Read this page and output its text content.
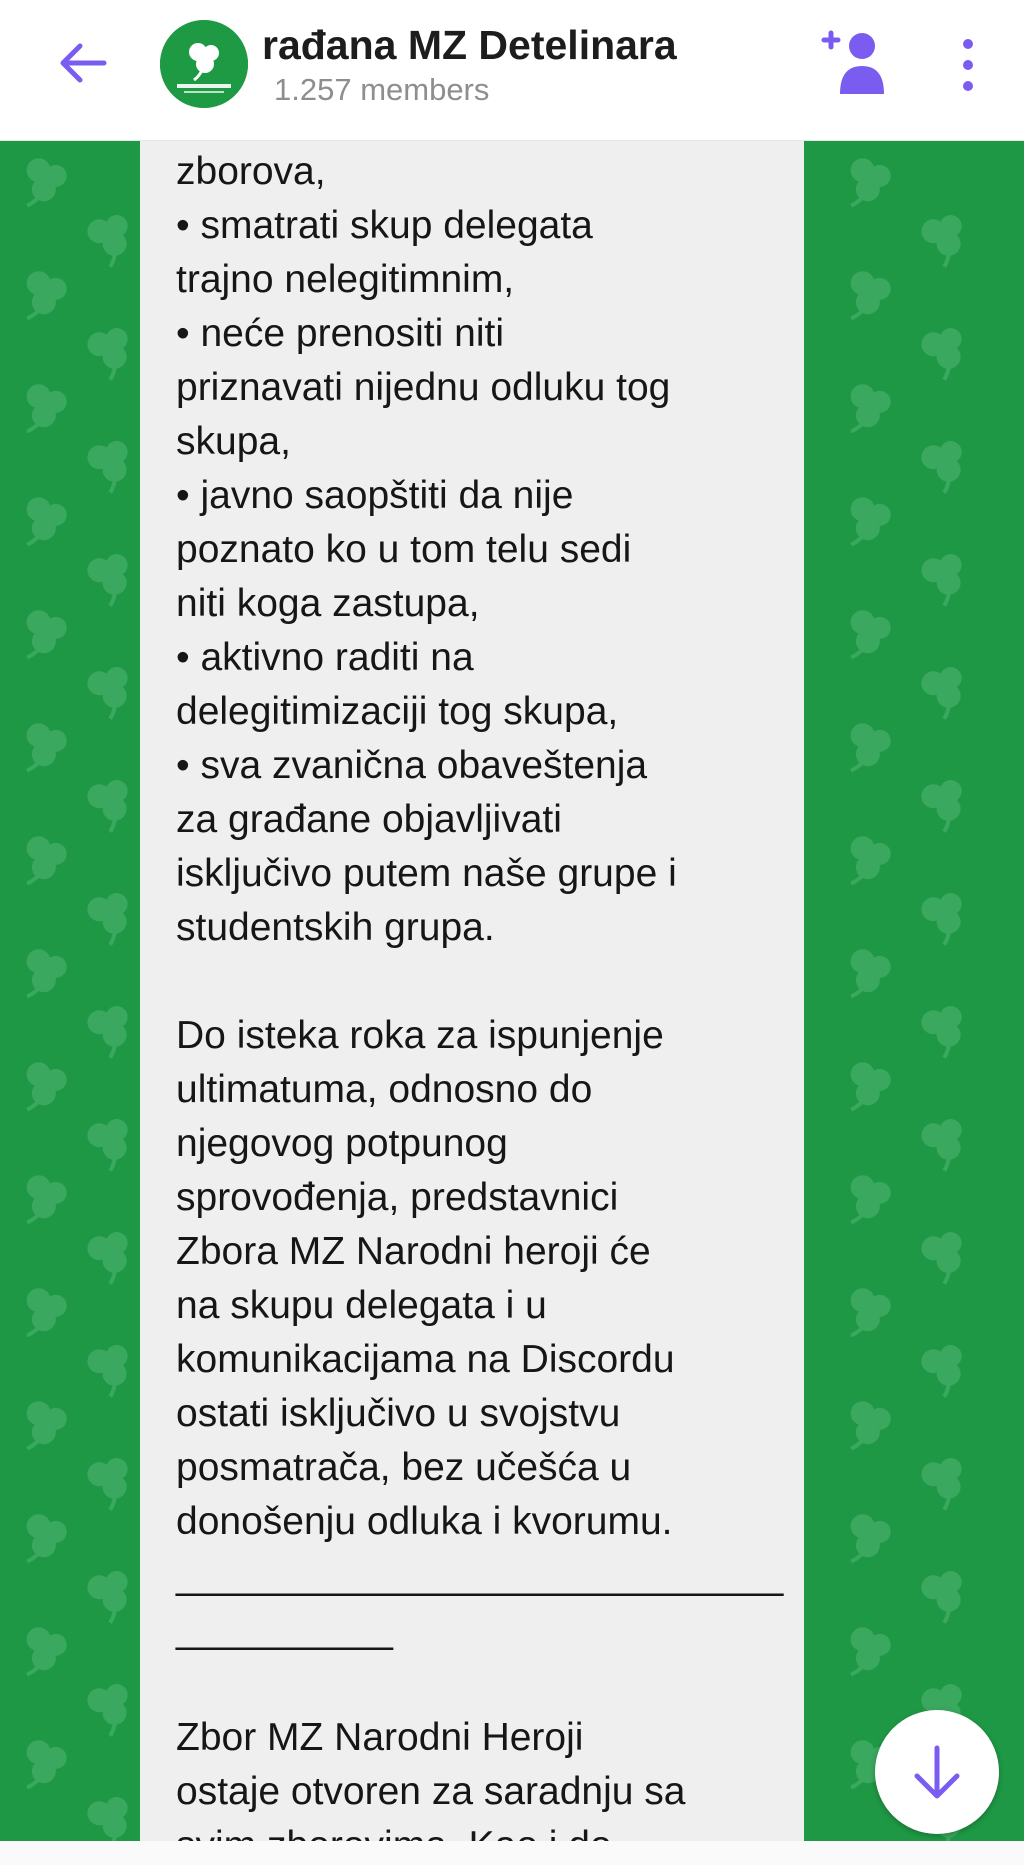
rađana MZ Detelinara
1.257 members
zborova,
• smatrati skup delegata
trajno nelegitimnim,
• neće prenositi niti
priznavati nijednu odluku tog
skupa,
• javno saopštiti da nije
poznato ko u tom telu sedi
niti koga zastupa,
• aktivno raditi na
delegitimizaciji tog skupa,
• sva zvanična obaveštenja
za građane objavljivati
isključivo putem naše grupe i
studentskih grupa.

Do isteka roka za ispunjenje
ultimatuma, odnosno do
njegovog potpunog
sprovođenja, predstavnici
Zbora MZ Narodni heroji će
na skupu delegata i u
komunikacijama na Discordu
ostati isključivo u svojstvu
posmatrača, bez učešća u
donošenju odluka i kvorumu.
____________________________
__________

Zbor MZ Narodni Heroji
ostaje otvoren za saradnju sa
